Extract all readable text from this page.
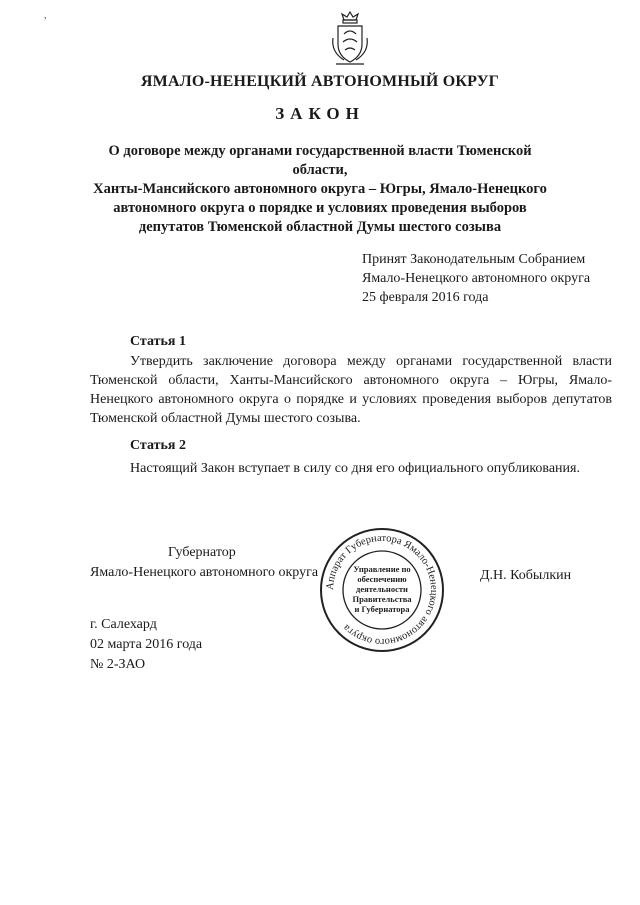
,
ЯМАЛО-НЕНЕЦКИЙ АВТОНОМНЫЙ ОКРУГ
ЗАКОН
О договоре между органами государственной власти Тюменской области,
Ханты-Мансийского автономного округа – Югры, Ямало-Ненецкого
автономного округа о порядке и условиях проведения выборов
депутатов Тюменской областной Думы шестого созыва
Принят Законодательным Собранием
Ямало-Ненецкого автономного округа
25 февраля 2016 года
Статья 1
Утвердить заключение договора между органами государственной власти Тюменской области, Ханты-Мансийского автономного округа – Югры, Ямало-Ненецкого автономного округа о порядке и условиях проведения выборов депутатов Тюменской областной Думы шестого созыва.
Статья 2
Настоящий Закон вступает в силу со дня его официального опубликования.
Губернатор
Ямало-Ненецкого автономного округа	Д.Н. Кобылкин
Аппарат Губернатора Ямало-Ненецкого автономного округа
Управление по
обеспечению
деятельности
Правительства
и Губернатора
г. Салехард
02 марта 2016 года
№ 2-ЗАО
